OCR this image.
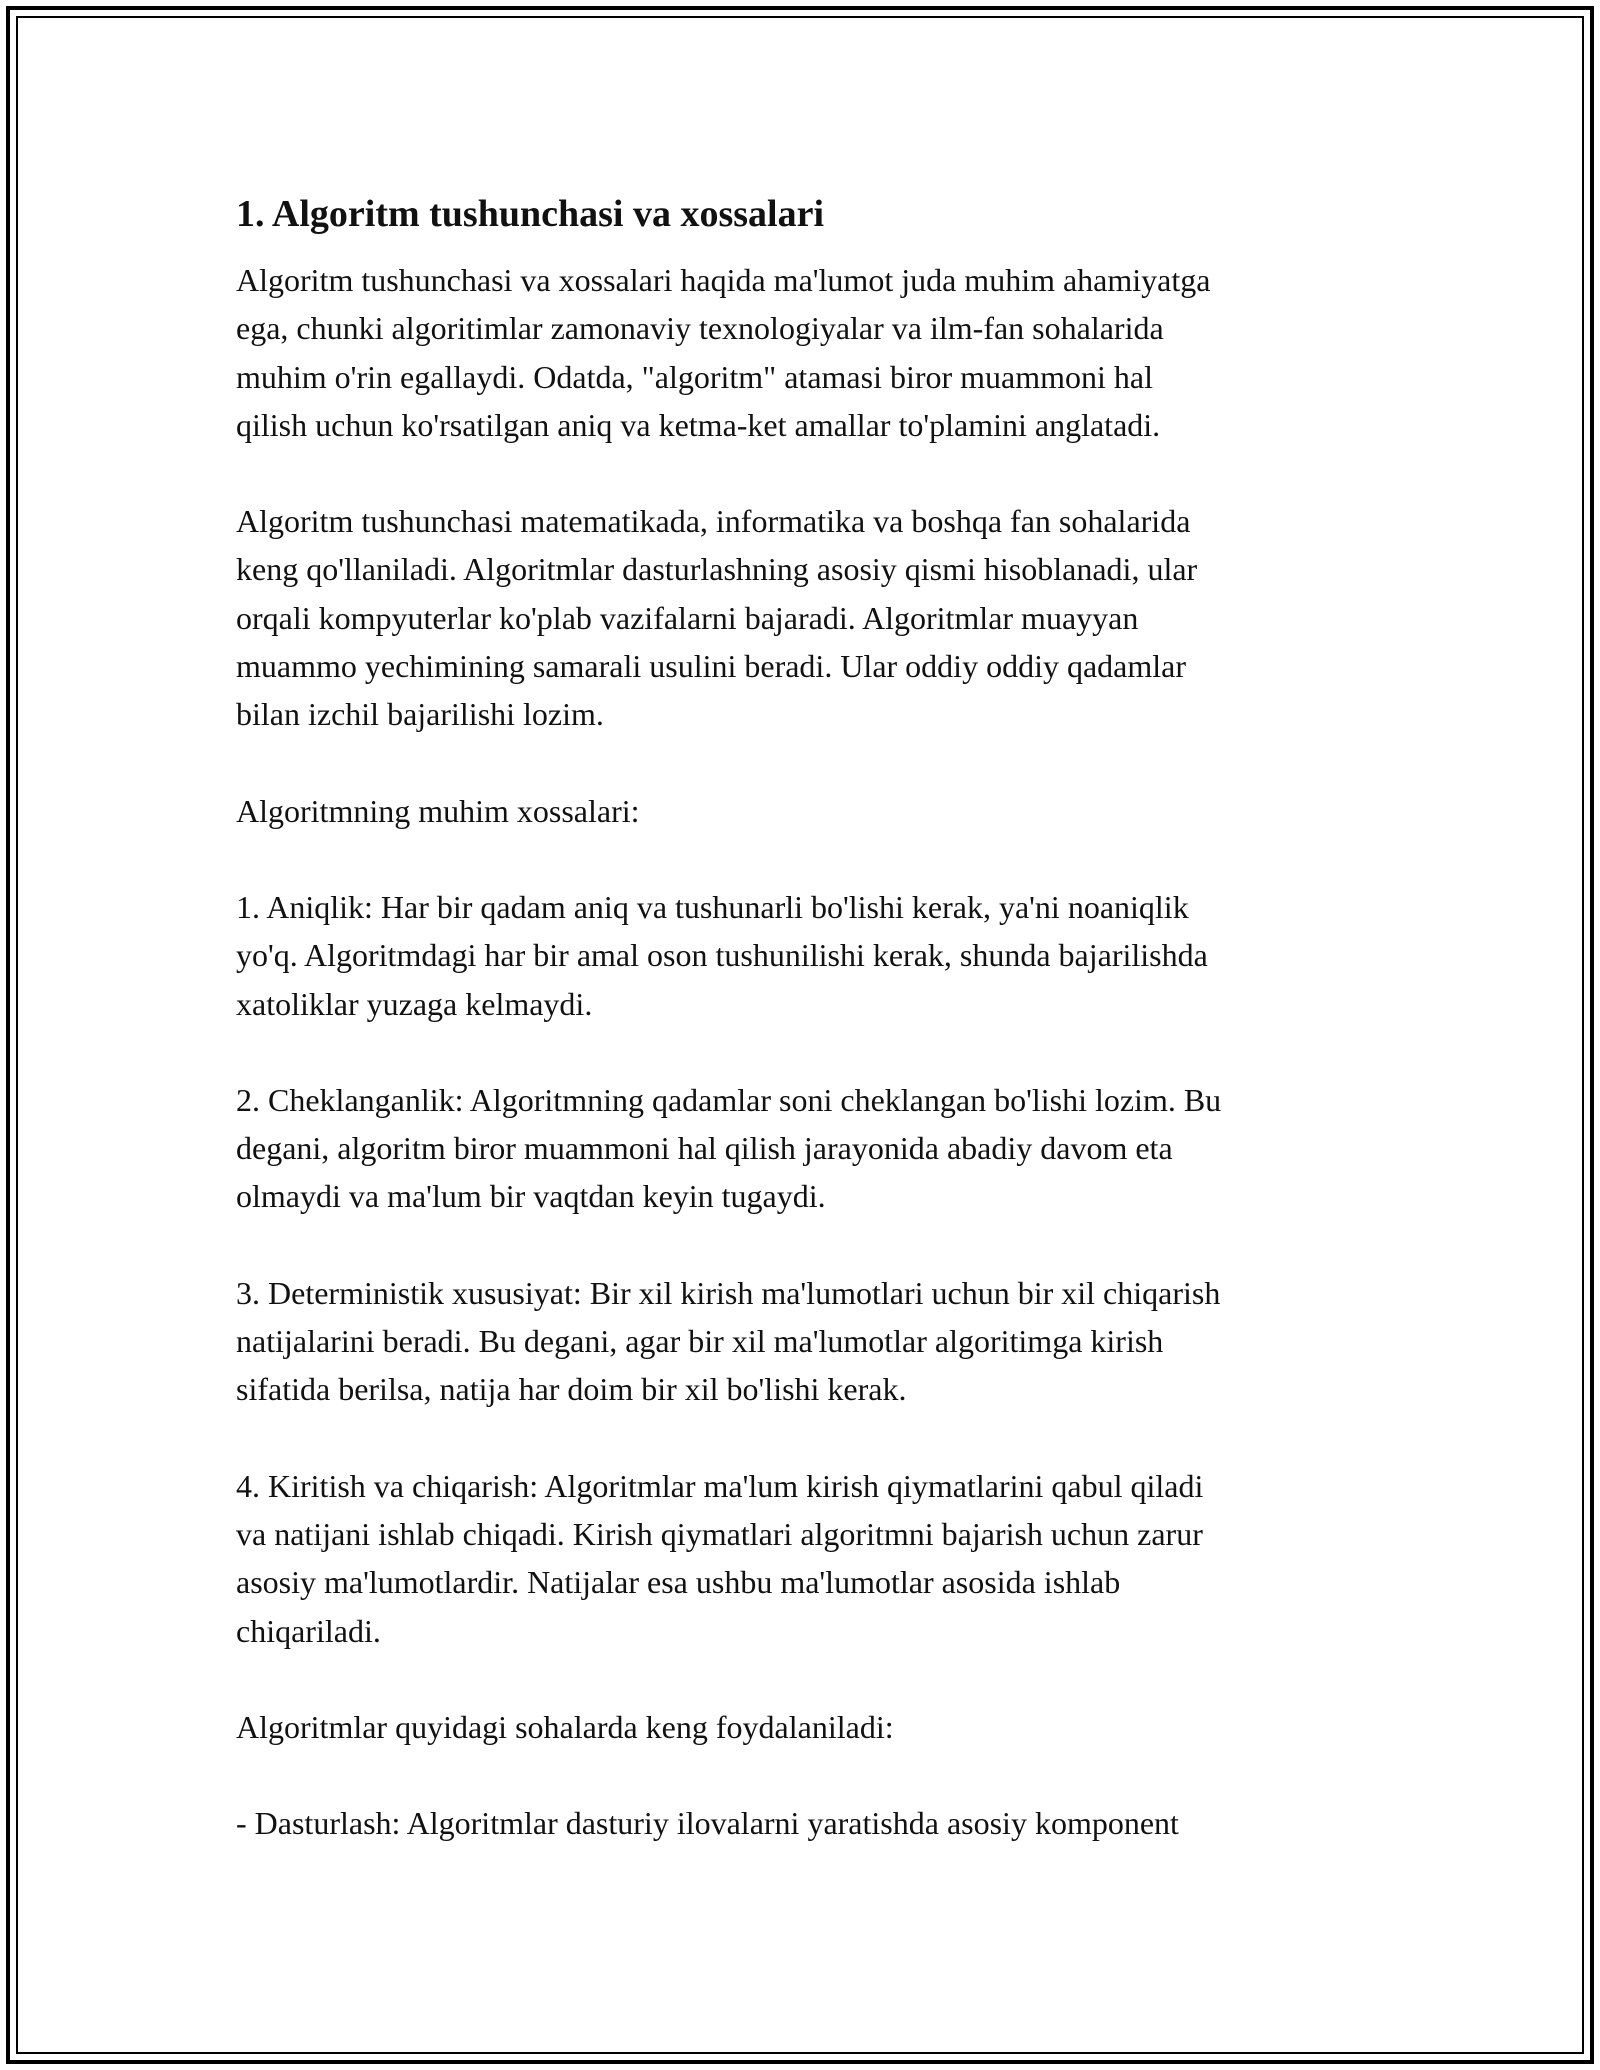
1. Algoritm tushunchasi va xossalari
Algoritm tushunchasi va xossalari haqida ma'lumot juda muhim ahamiyatga
ega, chunki algoritimlar zamonaviy texnologiyalar va ilm-fan sohalarida
muhim o'rin egallaydi. Odatda, "algoritm" atamasi biror muammoni hal
qilish uchun ko'rsatilgan aniq va ketma-ket amallar to'plamini anglatadi.
Algoritm tushunchasi matematikada, informatika va boshqa fan sohalarida
keng qo'llaniladi. Algoritmlar dasturlashning asosiy qismi hisoblanadi, ular
orqali kompyuterlar ko'plab vazifalarni bajaradi. Algoritmlar muayyan
muammo yechimining samarali usulini beradi. Ular oddiy oddiy qadamlar
bilan izchil bajarilishi lozim.
Algoritmning muhim xossalari:
1. Aniqlik: Har bir qadam aniq va tushunarli bo'lishi kerak, ya'ni noaniqlik
yo'q. Algoritmdagi har bir amal oson tushunilishi kerak, shunda bajarilishda
xatoliklar yuzaga kelmaydi.
2. Cheklanganlik: Algoritmning qadamlar soni cheklangan bo'lishi lozim. Bu
degani, algoritm biror muammoni hal qilish jarayonida abadiy davom eta
olmaydi va ma'lum bir vaqtdan keyin tugaydi.
3. Deterministik xususiyat: Bir xil kirish ma'lumotlari uchun bir xil chiqarish
natijalarini beradi. Bu degani, agar bir xil ma'lumotlar algoritimga kirish
sifatida berilsa, natija har doim bir xil bo'lishi kerak.
4. Kiritish va chiqarish: Algoritmlar ma'lum kirish qiymatlarini qabul qiladi
va natijani ishlab chiqadi. Kirish qiymatlari algoritmni bajarish uchun zarur
asosiy ma'lumotlardir. Natijalar esa ushbu ma'lumotlar asosida ishlab
chiqariladi.
Algoritmlar quyidagi sohalarda keng foydalaniladi:
- Dasturlash: Algoritmlar dasturiy ilovalarni yaratishda asosiy komponent
